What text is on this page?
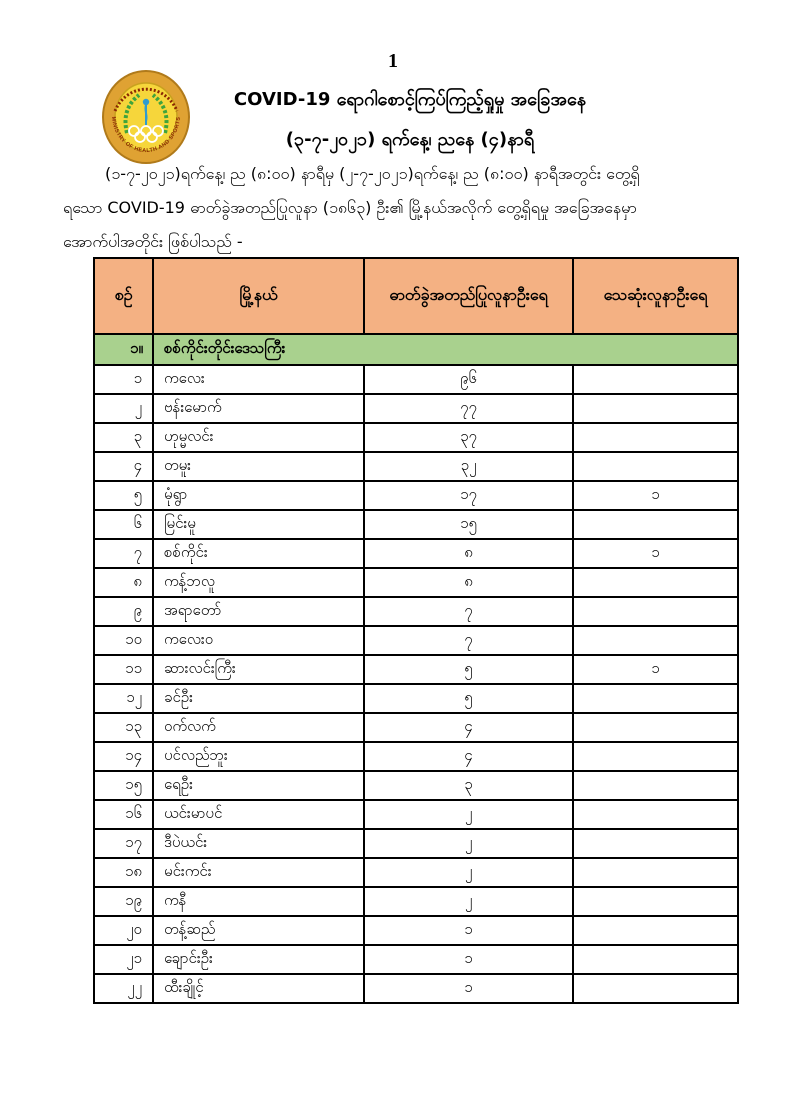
1
MINISTRY OF HEALTH AND SPORTS
COVID-19 ရောဂါစောင့်ကြပ်ကြည့်ရှုမှု အခြေအနေ
(၃-၇-၂၀၂၁) ရက်နေ့၊ ညနေ (၄)နာရီ
(၁-၇-၂၀၂၁)ရက်နေ့၊ ည (၈:၀၀) နာရီမှ (၂-၇-၂၀၂၁)ရက်နေ့၊ ည (၈:၀၀) နာရီအတွင်း တွေ့ရှိ
ရသော COVID-19 ဓာတ်ခွဲအတည်ပြုလူနာ (၁၈၆၃) ဦး၏ မြို့နယ်အလိုက် တွေ့ရှိရမှု အခြေအနေမှာ
အောက်ပါအတိုင်း ဖြစ်ပါသည် -
စဉ်	မြို့နယ်	ဓာတ်ခွဲအတည်ပြုလူနာဦးရေ	သေဆုံးလူနာဦးရေ
၁။	စစ်ကိုင်းတိုင်းဒေသကြီး		
၁	ကလေး	၉၆	
၂	ဗန်းမောက်	၇၇	
၃	ဟုမ္မလင်း	၃၇	
၄	တမူး	၃၂	
၅	မုံရွာ	၁၇	၁
၆	မြင်းမူ	၁၅	
၇	စစ်ကိုင်း	၈	၁
၈	ကန့်ဘလူ	၈	
၉	အရာတော်	၇	
၁၀	ကလေးဝ	၇	
၁၁	ဆားလင်းကြီး	၅	၁
၁၂	ခင်ဦး	၅	
၁၃	ဝက်လက်	၄	
၁၄	ပင်လည်ဘူး	၄	
၁၅	ရေဦး	၃	
၁၆	ယင်းမာပင်	၂	
၁၇	ဒီပဲယင်း	၂	
၁၈	မင်းကင်း	၂	
၁၉	ကနီ	၂	
၂၀	တန့်ဆည်	၁	
၂၁	ချောင်းဦး	၁	
၂၂	ထီးချိုင့်	၁	
